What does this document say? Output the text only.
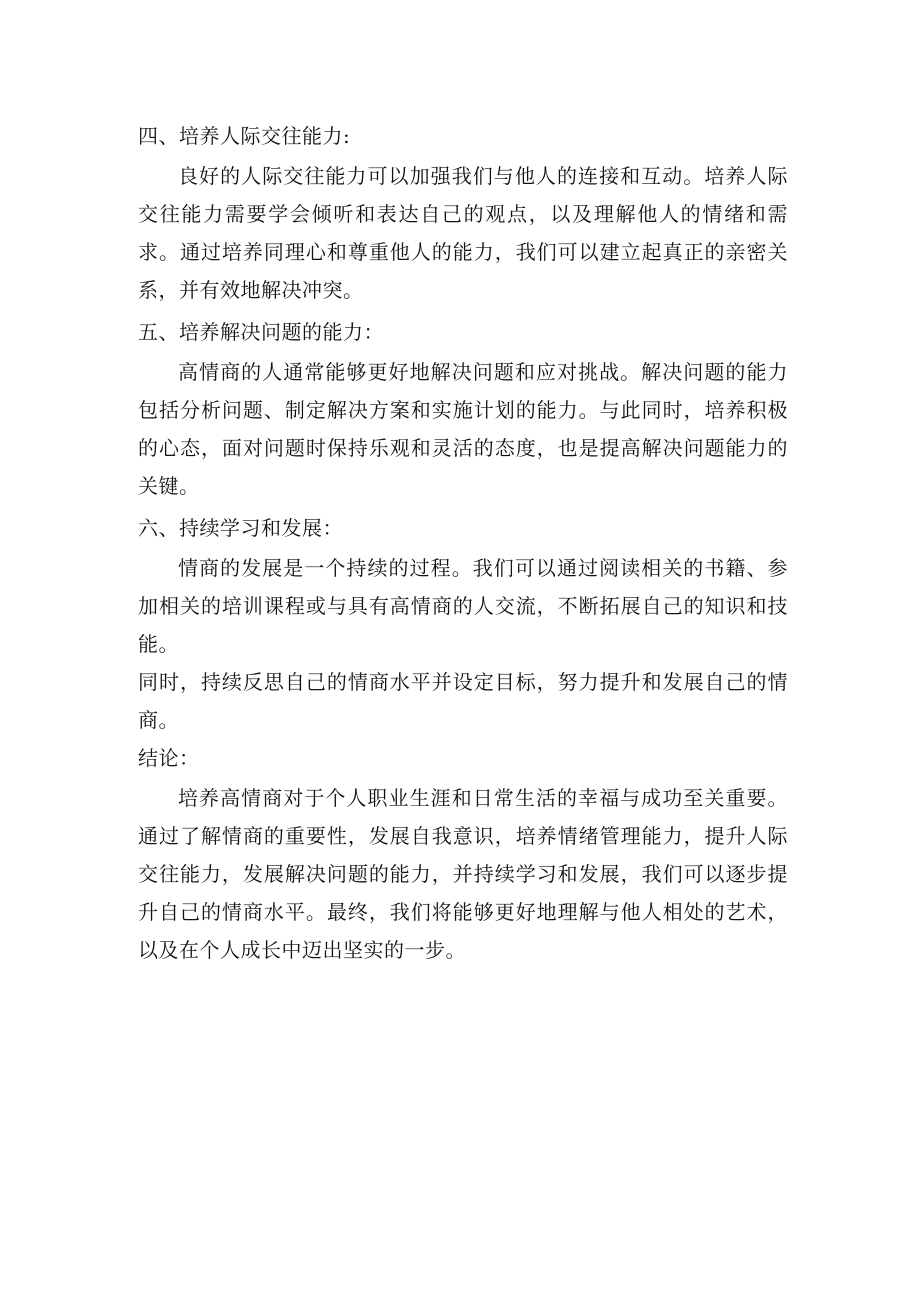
四、培养人际交往能力:

良好的人际交往能力可以加强我们与他人的连接和互动。培养人际交往能力需要学会倾听和表达自己的观点，以及理解他人的情绪和需求。通过培养同理心和尊重他人的能力，我们可以建立起真正的亲密关系，并有效地解决冲突。

五、培养解决问题的能力：

高情商的人通常能够更好地解决问题和应对挑战。解决问题的能力包括分析问题、制定解决方案和实施计划的能力。与此同时，培养积极的心态，面对问题时保持乐观和灵活的态度，也是提高解决问题能力的关键。

六、持续学习和发展：

情商的发展是一个持续的过程。我们可以通过阅读相关的书籍、参加相关的培训课程或与具有高情商的人交流，不断拓展自己的知识和技能。

同时，持续反思自己的情商水平并设定目标，努力提升和发展自己的情商。

结论：

培养高情商对于个人职业生涯和日常生活的幸福与成功至关重要。通过了解情商的重要性，发展自我意识，培养情绪管理能力，提升人际交往能力，发展解决问题的能力，并持续学习和发展，我们可以逐步提升自己的情商水平。最终，我们将能够更好地理解与他人相处的艺术，以及在个人成长中迈出坚实的一步。
